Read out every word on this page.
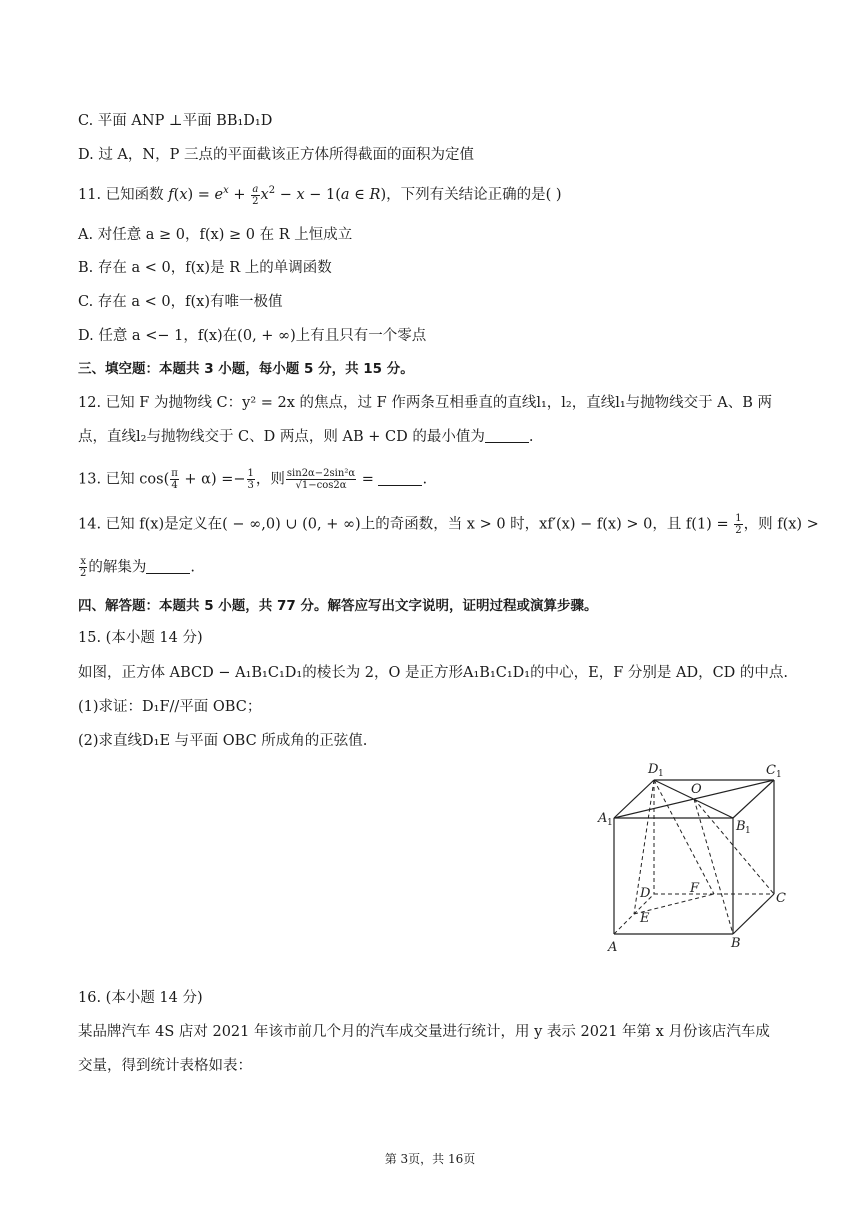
C. 平面 ANP ⊥平面 BB₁D₁D
D. 过 A，N，P 三点的平面截该正方体所得截面的面积为定值
11. 已知函数 $f(x) = e^x + \frac{a}{2} x^2 - x - 1(a$ ∈ R)，下列有关结论正确的是( )
A. 对任意 a ≥ 0，f(x) ≥ 0 在 R 上恒成立
B. 存在 a < 0，f(x)是 R 上的单调函数
C. 存在 a < 0，f(x)有唯一极值
D. 任意 a <− 1，f(x)在(0, + ∞)上有且只有一个零点
三、填空题：本题共 3 小题，每小题 5 分，共 15 分。
12. 已知 F 为抛物线 C：y² = 2x 的焦点，过 F 作两条互相垂直的直线l₁，l₂，直线l₁与抛物线交于 A、B 两
点，直线l₂与抛物线交于 C、D 两点，则 AB + CD 的最小值为	.
13. 已知 $\cos( \frac{\pi}{4} + \alpha) =- \frac{1}{3}$ ，则 $\frac{\text{sin2α−2sin²α}}{√1-\cos 2\alpha}$ =	.
14. 已知 f(x)是定义在( − ∞,0) ∪ (0, + ∞)上的奇函数，当 x > 0 时，xf′(x) − f(x) > 0，且 $f(1) = \frac{1}{2}$ ，则 f(x) >
$\frac{x}{2}$ 的解集为	.
四、解答题：本题共 5 小题，共 77 分。解答应写出文字说明，证明过程或演算步骤。
15. (本小题 14 分)
如图，正方体 ABCD − A₁B₁C₁D₁的棱长为 2，O 是正方形A₁B₁C₁D₁的中心，E，F 分别是 AD，CD 的中点.
(1)求证：D₁F//平面 OBC；
(2)求直线D₁E 与平面 OBC 所成角的正弦值.
D 1	C 1
O
A 1	B 1
D	F
C
E
A	B
16. (本小题 14 分)
某品牌汽车 4S 店对 2021 年该市前几个月的汽车成交量进行统计，用 y 表示 2021 年第 x 月份该店汽车成
交量，得到统计表格如表：
第 3页，共 16页
